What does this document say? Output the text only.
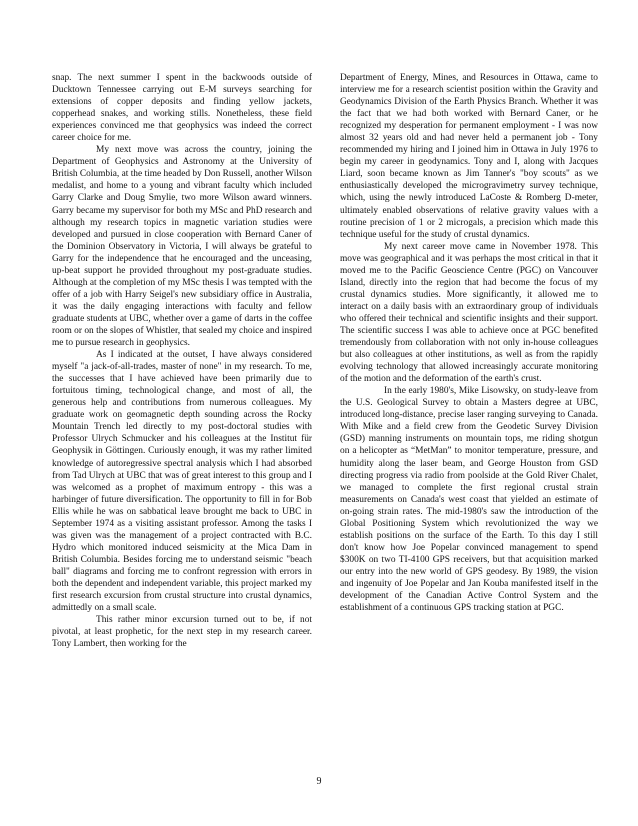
snap. The next summer I spent in the backwoods outside of Ducktown Tennessee carrying out E-M surveys searching for extensions of copper deposits and finding yellow jackets, copperhead snakes, and working stills. Nonetheless, these field experiences convinced me that geophysics was indeed the correct career choice for me.

My next move was across the country, joining the Department of Geophysics and Astronomy at the University of British Columbia, at the time headed by Don Russell, another Wilson medalist, and home to a young and vibrant faculty which included Garry Clarke and Doug Smylie, two more Wilson award winners. Garry became my supervisor for both my MSc and PhD research and although my research topics in magnetic variation studies were developed and pursued in close cooperation with Bernard Caner of the Dominion Observatory in Victoria, I will always be grateful to Garry for the independence that he encouraged and the unceasing, up-beat support he provided throughout my post-graduate studies. Although at the completion of my MSc thesis I was tempted with the offer of a job with Harry Seigel's new subsidiary office in Australia, it was the daily engaging interactions with faculty and fellow graduate students at UBC, whether over a game of darts in the coffee room or on the slopes of Whistler, that sealed my choice and inspired me to pursue research in geophysics.

As I indicated at the outset, I have always considered myself "a jack-of-all-trades, master of none" in my research. To me, the successes that I have achieved have been primarily due to fortuitous timing, technological change, and most of all, the generous help and contributions from numerous colleagues. My graduate work on geomagnetic depth sounding across the Rocky Mountain Trench led directly to my post-doctoral studies with Professor Ulrych Schmucker and his colleagues at the Institut für Geophysik in Göttingen. Curiously enough, it was my rather limited knowledge of autoregressive spectral analysis which I had absorbed from Tad Ulrych at UBC that was of great interest to this group and I was welcomed as a prophet of maximum entropy - this was a harbinger of future diversification. The opportunity to fill in for Bob Ellis while he was on sabbatical leave brought me back to UBC in September 1974 as a visiting assistant professor. Among the tasks I was given was the management of a project contracted with B.C. Hydro which monitored induced seismicity at the Mica Dam in British Columbia. Besides forcing me to understand seismic "beach ball" diagrams and forcing me to confront regression with errors in both the dependent and independent variable, this project marked my first research excursion from crustal structure into crustal dynamics, admittedly on a small scale.

This rather minor excursion turned out to be, if not pivotal, at least prophetic, for the next step in my research career. Tony Lambert, then working for the

Department of Energy, Mines, and Resources in Ottawa, came to interview me for a research scientist position within the Gravity and Geodynamics Division of the Earth Physics Branch. Whether it was the fact that we had both worked with Bernard Caner, or he recognized my desperation for permanent employment - I was now almost 32 years old and had never held a permanent job - Tony recommended my hiring and I joined him in Ottawa in July 1976 to begin my career in geodynamics. Tony and I, along with Jacques Liard, soon became known as Jim Tanner's "boy scouts" as we enthusiastically developed the microgravimetry survey technique, which, using the newly introduced LaCoste & Romberg D-meter, ultimately enabled observations of relative gravity values with a routine precision of 1 or 2 microgals, a precision which made this technique useful for the study of crustal dynamics.

My next career move came in November 1978. This move was geographical and it was perhaps the most critical in that it moved me to the Pacific Geoscience Centre (PGC) on Vancouver Island, directly into the region that had become the focus of my crustal dynamics studies. More significantly, it allowed me to interact on a daily basis with an extraordinary group of individuals who offered their technical and scientific insights and their support. The scientific success I was able to achieve once at PGC benefited tremendously from collaboration with not only in-house colleagues but also colleagues at other institutions, as well as from the rapidly evolving technology that allowed increasingly accurate monitoring of the motion and the deformation of the earth's crust.

In the early 1980's, Mike Lisowsky, on study-leave from the U.S. Geological Survey to obtain a Masters degree at UBC, introduced long-distance, precise laser ranging surveying to Canada. With Mike and a field crew from the Geodetic Survey Division (GSD) manning instruments on mountain tops, me riding shotgun on a helicopter as “MetMan” to monitor temperature, pressure, and humidity along the laser beam, and George Houston from GSD directing progress via radio from poolside at the Gold River Chalet, we managed to complete the first regional crustal strain measurements on Canada's west coast that yielded an estimate of on-going strain rates. The mid-1980's saw the introduction of the Global Positioning System which revolutionized the way we establish positions on the surface of the Earth. To this day I still don't know how Joe Popelar convinced management to spend $300K on two TI-4100 GPS receivers, but that acquisition marked our entry into the new world of GPS geodesy. By 1989, the vision and ingenuity of Joe Popelar and Jan Kouba manifested itself in the development of the Canadian Active Control System and the establishment of a continuous GPS tracking station at PGC.

9
